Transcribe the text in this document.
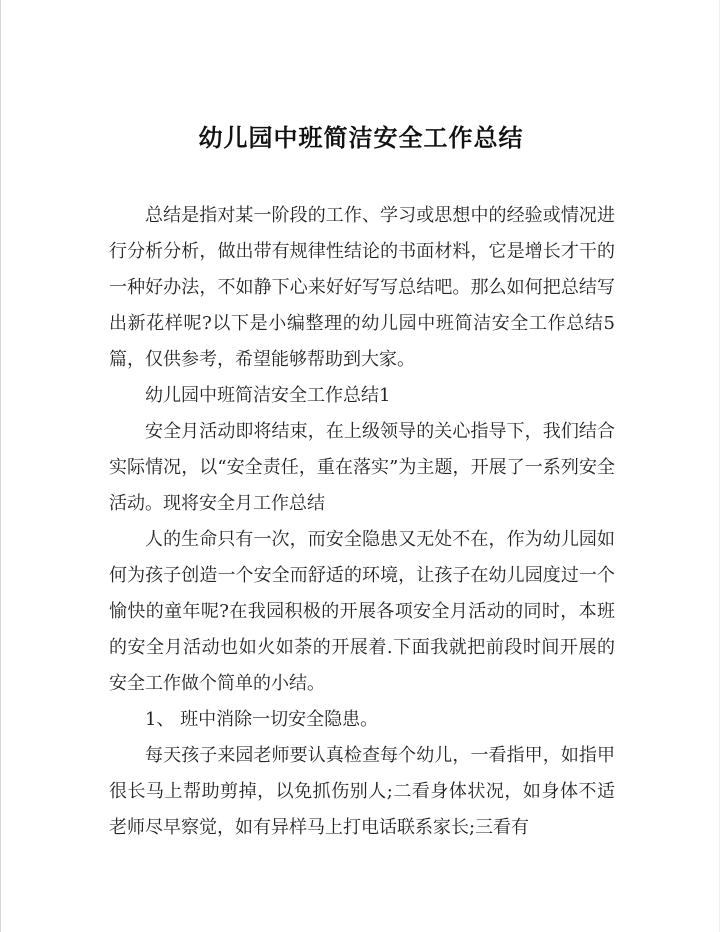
幼儿园中班简洁安全工作总结

总结是指对某一阶段的工作、学习或思想中的经验或情况进行分析分析，做出带有规律性结论的书面材料，它是增长才干的一种好办法，不如静下心来好好写写总结吧。那么如何把总结写出新花样呢?以下是小编整理的幼儿园中班简洁安全工作总结5篇，仅供参考，希望能够帮助到大家。

幼儿园中班简洁安全工作总结1

安全月活动即将结束，在上级领导的关心指导下，我们结合实际情况，以“安全责任，重在落实”为主题，开展了一系列安全活动。现将安全月工作总结

人的生命只有一次，而安全隐患又无处不在，作为幼儿园如何为孩子创造一个安全而舒适的环境，让孩子在幼儿园度过一个愉快的童年呢?在我园积极的开展各项安全月活动的同时，本班的安全月活动也如火如荼的开展着.下面我就把前段时间开展的安全工作做个简单的小结。

1、 班中消除一切安全隐患。

每天孩子来园老师要认真检查每个幼儿，一看指甲，如指甲很长马上帮助剪掉，以免抓伤别人;二看身体状况，如身体不适老师尽早察觉，如有异样马上打电话联系家长;三看有
